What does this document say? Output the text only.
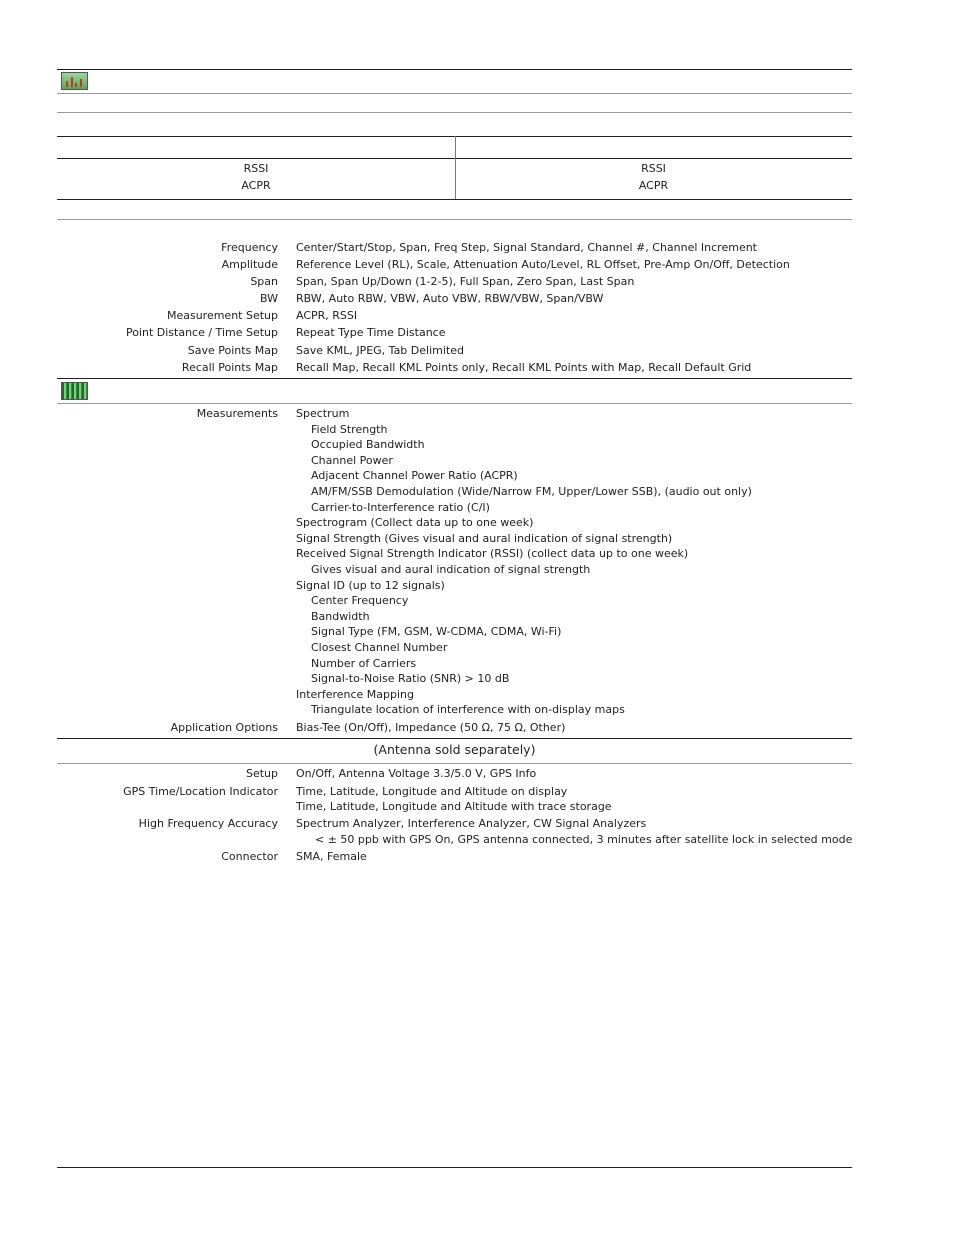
RSSI
ACPR
RSSI
ACPR
Frequency Center/Start/Stop, Span, Freq Step, Signal Standard, Channel #, Channel Increment
Amplitude Reference Level (RL), Scale, Attenuation Auto/Level, RL Offset, Pre-Amp On/Off, Detection
Span Span, Span Up/Down (1-2-5), Full Span, Zero Span, Last Span
BW RBW, Auto RBW, VBW, Auto VBW, RBW/VBW, Span/VBW
Measurement Setup ACPR, RSSI
Point Distance / Time Setup Repeat Type Time Distance
Save Points Map Save KML, JPEG, Tab Delimited
Recall Points Map Recall Map, Recall KML Points only, Recall KML Points with Map, Recall Default Grid
Measurements Spectrum
Field Strength
Occupied Bandwidth
Channel Power
Adjacent Channel Power Ratio (ACPR)
AM/FM/SSB Demodulation (Wide/Narrow FM, Upper/Lower SSB), (audio out only)
Carrier-to-Interference ratio (C/I)
Spectrogram (Collect data up to one week)
Signal Strength (Gives visual and aural indication of signal strength)
Received Signal Strength Indicator (RSSI) (collect data up to one week)
Gives visual and aural indication of signal strength
Signal ID (up to 12 signals)
Center Frequency
Bandwidth
Signal Type (FM, GSM, W-CDMA, CDMA, Wi-Fi)
Closest Channel Number
Number of Carriers
Signal-to-Noise Ratio (SNR) > 10 dB
Interference Mapping
Triangulate location of interference with on-display maps
Application Options Bias-Tee (On/Off), Impedance (50 Ω, 75 Ω, Other)
(Antenna sold separately)
Setup On/Off, Antenna Voltage 3.3/5.0 V, GPS Info
GPS Time/Location Indicator Time, Latitude, Longitude and Altitude on display
Time, Latitude, Longitude and Altitude with trace storage
High Frequency Accuracy Spectrum Analyzer, Interference Analyzer, CW Signal Analyzers
< ± 50 ppb with GPS On, GPS antenna connected, 3 minutes after satellite lock in selected mode
Connector SMA, Female
